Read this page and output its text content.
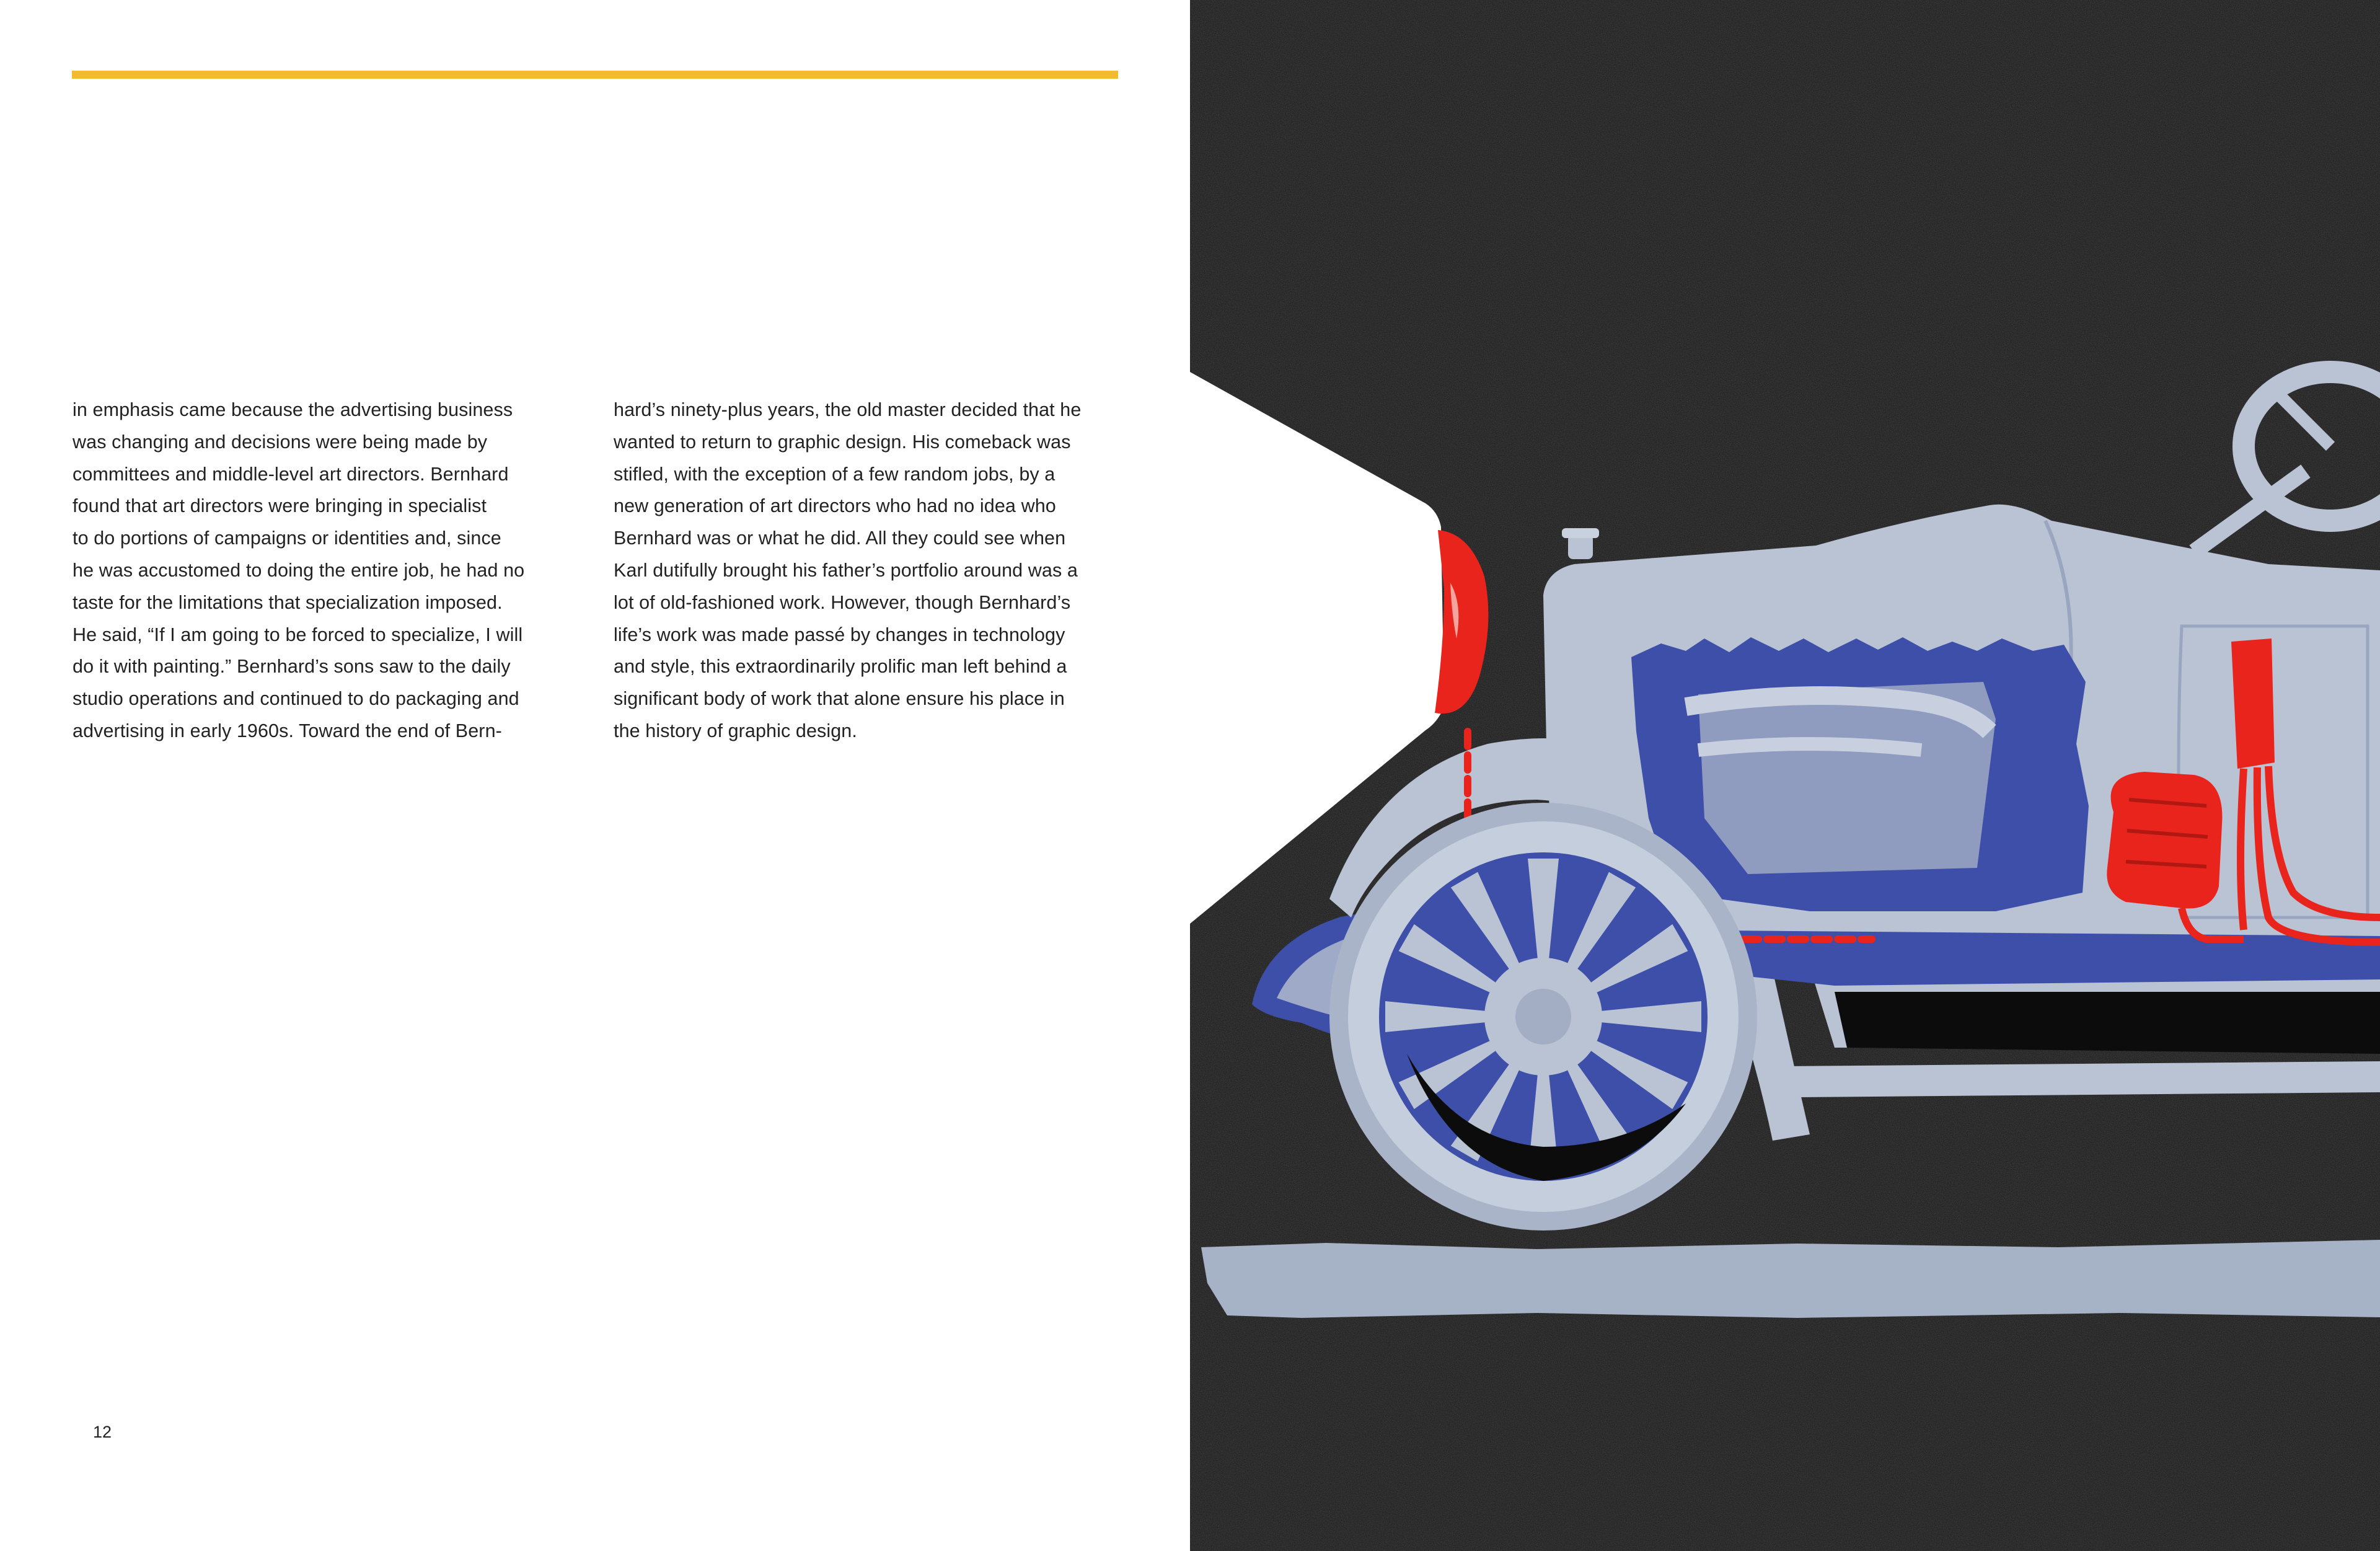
in emphasis came because the advertising business
was changing and decisions were being made by
committees and middle-level art directors. Bernhard
found that art directors were bringing in specialist
to do portions of campaigns or identities and, since
he was accustomed to doing the entire job, he had no
taste for the limitations that specialization imposed.
He said, “If I am going to be forced to specialize, I will
do it with painting.” Bernhard’s sons saw to the daily
studio operations and continued to do packaging and
advertising in early 1960s. Toward the end of Bern-
hard’s ninety-plus years, the old master decided that he
wanted to return to graphic design. His comeback was
stifled, with the exception of a few random jobs, by a
new generation of art directors who had no idea who
Bernhard was or what he did. All they could see when
Karl dutifully brought his father’s portfolio around was a
lot of old-fashioned work. However, though Bernhard’s
life’s work was made passé by changes in technology
and style, this extraordinarily prolific man left behind a
significant body of work that alone ensure his place in
the history of graphic design.
12
